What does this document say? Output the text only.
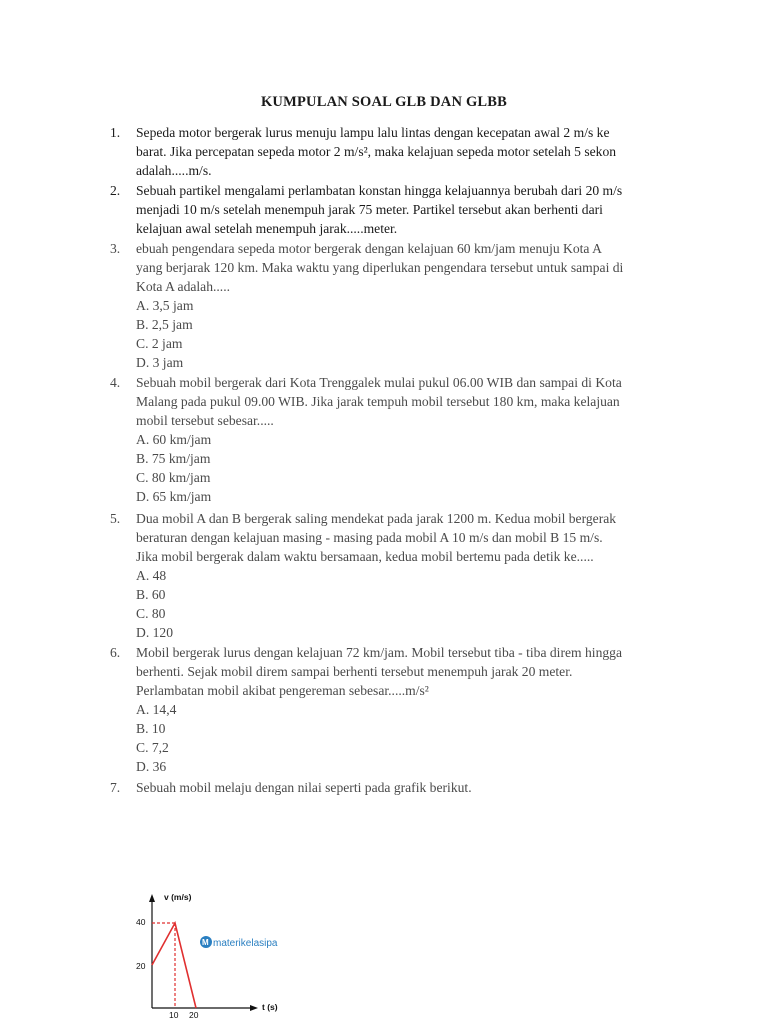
KUMPULAN SOAL GLB DAN GLBB
1.	Sepeda motor bergerak lurus menuju lampu lalu lintas dengan kecepatan awal 2 m/s ke
barat. Jika percepatan sepeda motor 2 m/s², maka kelajuan sepeda motor setelah 5 sekon
adalah.....m/s.
2.	Sebuah partikel mengalami perlambatan konstan hingga kelajuannya berubah dari 20 m/s
menjadi 10 m/s setelah menempuh jarak 75 meter. Partikel tersebut akan berhenti dari
kelajuan awal setelah menempuh jarak.....meter.
3.	ebuah pengendara sepeda motor bergerak dengan kelajuan 60 km/jam menuju Kota A
yang berjarak 120 km. Maka waktu yang diperlukan pengendara tersebut untuk sampai di
Kota A adalah.....
A. 3,5 jam
B. 2,5 jam
C. 2 jam
D. 3 jam
4.	Sebuah mobil bergerak dari Kota Trenggalek mulai pukul 06.00 WIB dan sampai di Kota
Malang pada pukul 09.00 WIB. Jika jarak tempuh mobil tersebut 180 km, maka kelajuan
mobil tersebut sebesar.....
A. 60 km/jam
B. 75 km/jam
C. 80 km/jam
D. 65 km/jam
5.	Dua mobil A dan B bergerak saling mendekat pada jarak 1200 m. Kedua mobil bergerak
beraturan dengan kelajuan masing - masing pada mobil A 10 m/s dan mobil B 15 m/s.
Jika mobil bergerak dalam waktu bersamaan, kedua mobil bertemu pada detik ke.....
A. 48
B. 60
C. 80
D. 120
6.	Mobil bergerak lurus dengan kelajuan 72 km/jam. Mobil tersebut tiba - tiba direm hingga
berhenti. Sejak mobil direm sampai berhenti tersebut menempuh jarak 20 meter.
Perlambatan mobil akibat pengereman sebesar.....m/s²
A. 14,4
B. 10
C. 7,2
D. 36
7.	Sebuah mobil melaju dengan nilai seperti pada grafik berikut.
v (m/s)
t (s)
40
20
10 20
M materikelasipa
